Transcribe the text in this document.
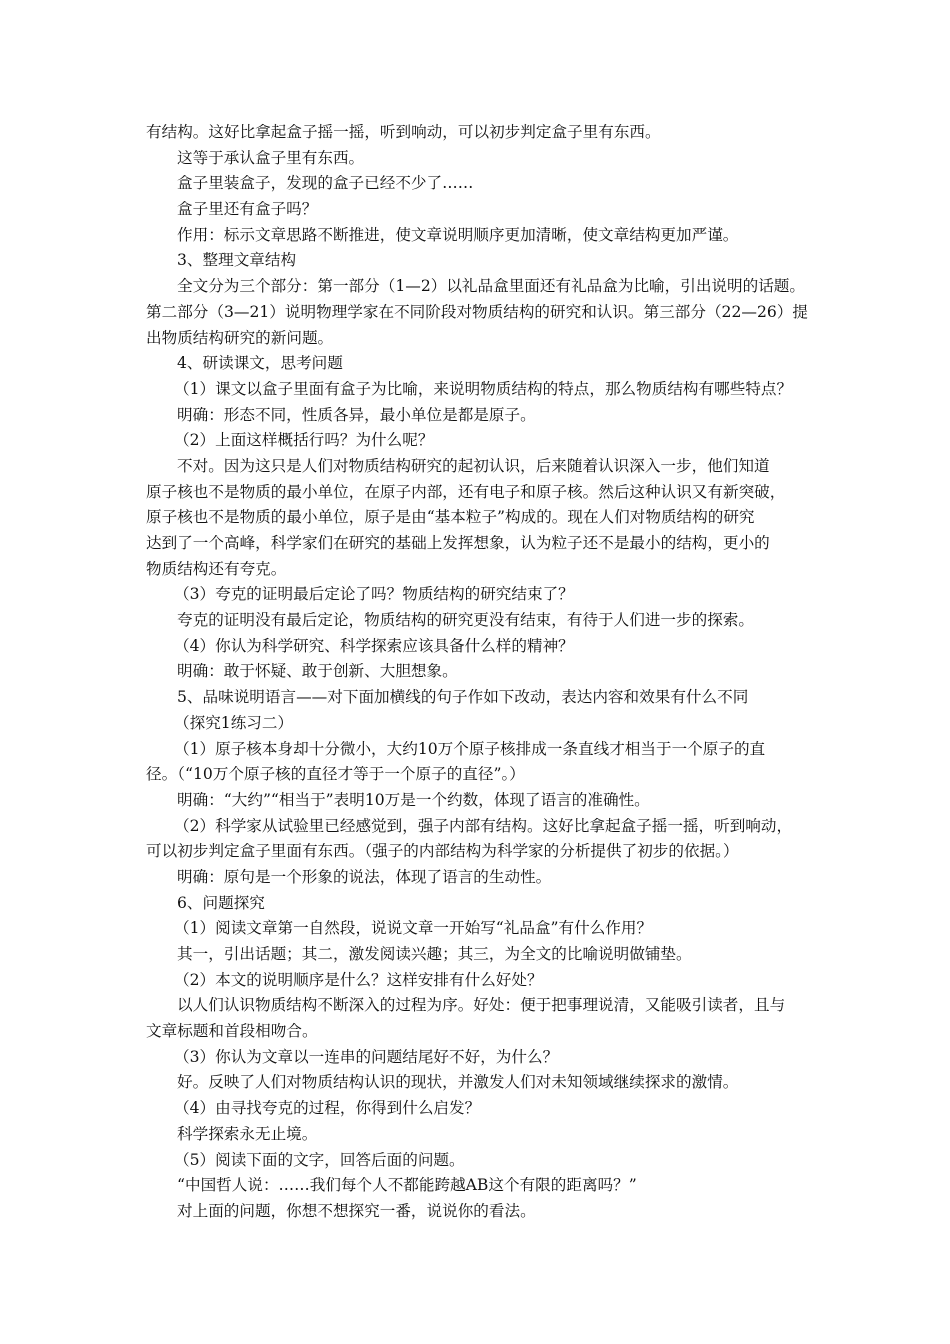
有结构。这好比拿起盒子摇一摇，听到响动，可以初步判定盒子里有东西。
这等于承认盒子里有东西。
盒子里装盒子，发现的盒子已经不少了……
盒子里还有盒子吗？
作用：标示文章思路不断推进，使文章说明顺序更加清晰，使文章结构更加严谨。
3、整理文章结构
全文分为三个部分：第一部分（1—2）以礼品盒里面还有礼品盒为比喻，引出说明的话题。
第二部分（3—21）说明物理学家在不同阶段对物质结构的研究和认识。第三部分（22—26）提
出物质结构研究的新问题。
4、研读课文，思考问题
（1）课文以盒子里面有盒子为比喻，来说明物质结构的特点，那么物质结构有哪些特点？
明确：形态不同，性质各异，最小单位是都是原子。
（2）上面这样概括行吗？为什么呢？
不对。因为这只是人们对物质结构研究的起初认识，后来随着认识深入一步，他们知道
原子核也不是物质的最小单位，在原子内部，还有电子和原子核。然后这种认识又有新突破，
原子核也不是物质的最小单位，原子是由“基本粒子”构成的。现在人们对物质结构的研究
达到了一个高峰，科学家们在研究的基础上发挥想象，认为粒子还不是最小的结构，更小的
物质结构还有夸克。
（3）夸克的证明最后定论了吗？物质结构的研究结束了？
夸克的证明没有最后定论，物质结构的研究更没有结束，有待于人们进一步的探索。
（4）你认为科学研究、科学探索应该具备什么样的精神？
明确：敢于怀疑、敢于创新、大胆想象。
5、品味说明语言——对下面加横线的句子作如下改动，表达内容和效果有什么不同
（探究1练习二）
（1）原子核本身却十分微小，大约10万个原子核排成一条直线才相当于一个原子的直
径。（“10万个原子核的直径才等于一个原子的直径”。）
明确：“大约”“相当于”表明10万是一个约数，体现了语言的准确性。
（2）科学家从试验里已经感觉到，强子内部有结构。这好比拿起盒子摇一摇，听到响动，
可以初步判定盒子里面有东西。（强子的内部结构为科学家的分析提供了初步的依据。）
明确：原句是一个形象的说法，体现了语言的生动性。
6、问题探究
（1）阅读文章第一自然段，说说文章一开始写“礼品盒”有什么作用？
其一，引出话题；其二，激发阅读兴趣；其三，为全文的比喻说明做铺垫。
（2）本文的说明顺序是什么？这样安排有什么好处？
以人们认识物质结构不断深入的过程为序。好处：便于把事理说清，又能吸引读者，且与
文章标题和首段相吻合。
（3）你认为文章以一连串的问题结尾好不好，为什么？
好。反映了人们对物质结构认识的现状，并激发人们对未知领域继续探求的激情。
（4）由寻找夸克的过程，你得到什么启发？
科学探索永无止境。
（5）阅读下面的文字，回答后面的问题。
“中国哲人说：……我们每个人不都能跨越AB这个有限的距离吗？”
对上面的问题，你想不想探究一番，说说你的看法。
